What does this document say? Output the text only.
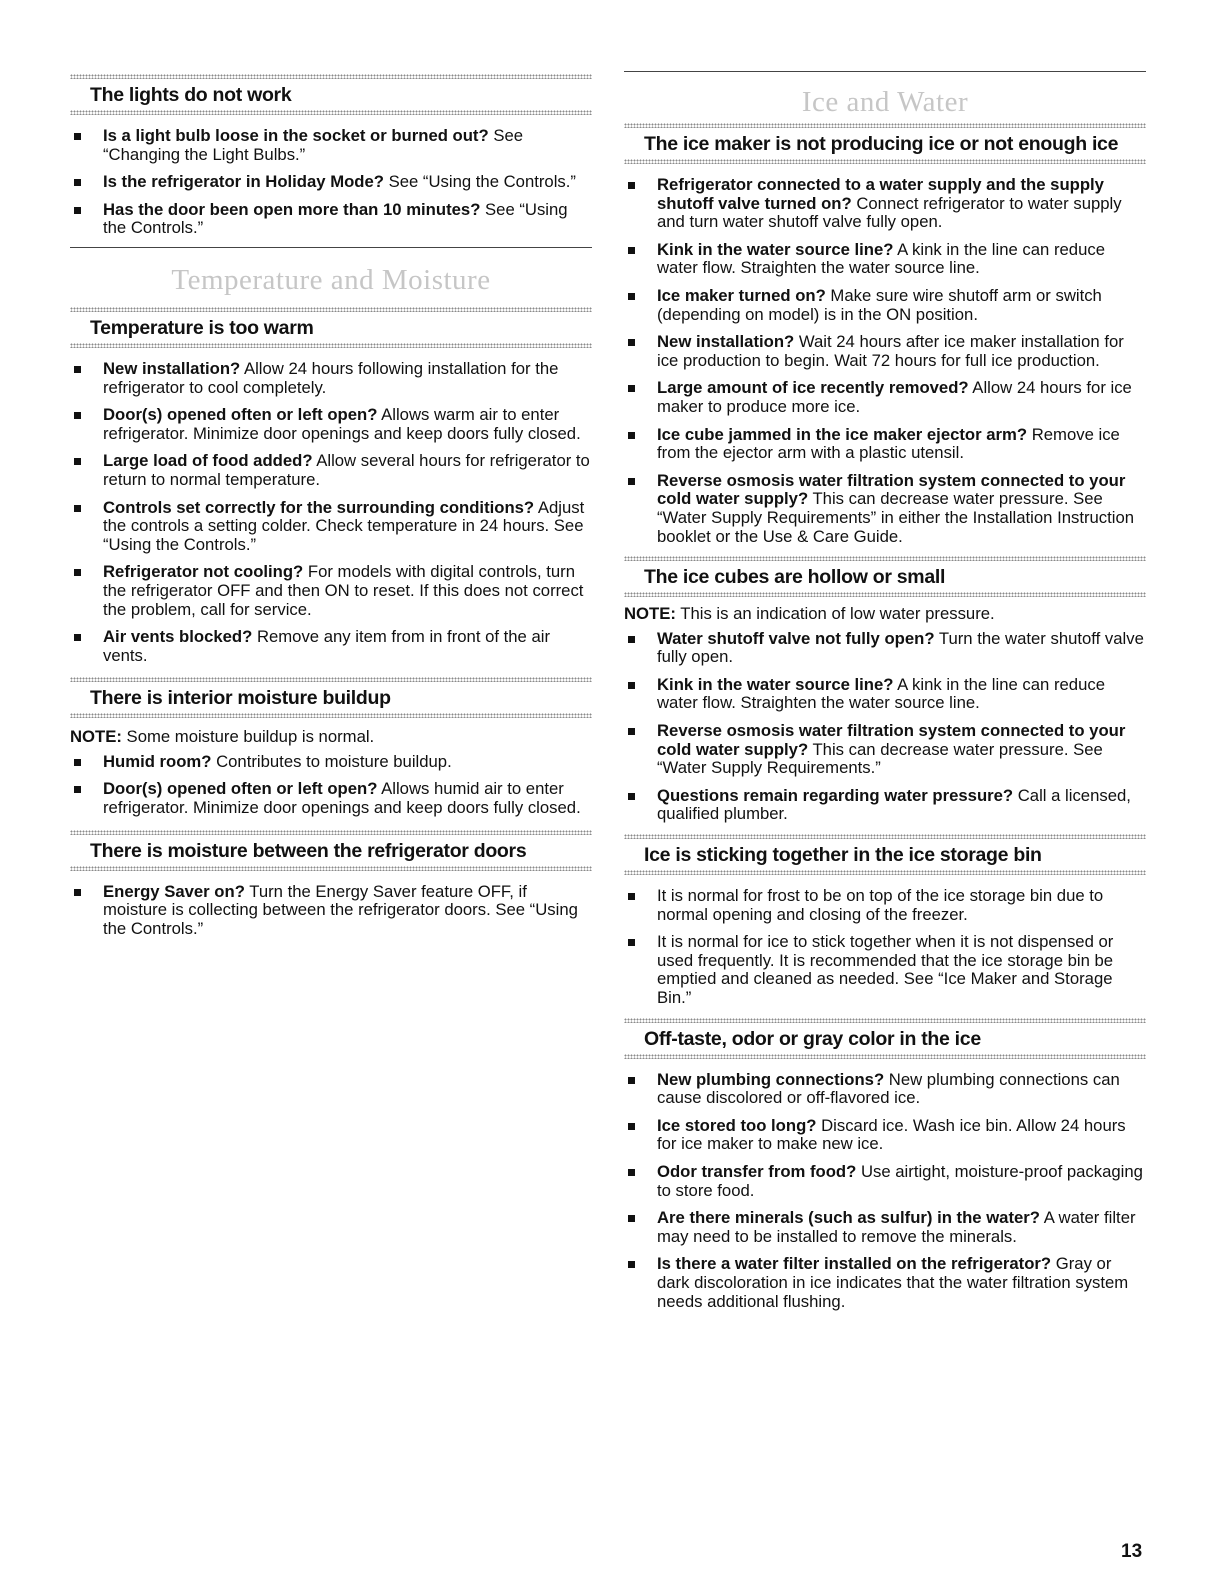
The lights do not work
Is a light bulb loose in the socket or burned out? See “Changing the Light Bulbs.”
Is the refrigerator in Holiday Mode? See “Using the Controls.”
Has the door been open more than 10 minutes? See “Using the Controls.”
Temperature and Moisture
Temperature is too warm
New installation? Allow 24 hours following installation for the refrigerator to cool completely.
Door(s) opened often or left open? Allows warm air to enter refrigerator. Minimize door openings and keep doors fully closed.
Large load of food added? Allow several hours for refrigerator to return to normal temperature.
Controls set correctly for the surrounding conditions? Adjust the controls a setting colder. Check temperature in 24 hours. See “Using the Controls.”
Refrigerator not cooling? For models with digital controls, turn the refrigerator OFF and then ON to reset. If this does not correct the problem, call for service.
Air vents blocked? Remove any item from in front of the air vents.
There is interior moisture buildup

NOTE: Some moisture buildup is normal.

Humid room? Contributes to moisture buildup.
Door(s) opened often or left open? Allows humid air to enter refrigerator. Minimize door openings and keep doors fully closed.
There is moisture between the refrigerator doors
Energy Saver on? Turn the Energy Saver feature OFF, if moisture is collecting between the refrigerator doors. See “Using the Controls.”
Ice and Water
The ice maker is not producing ice or not enough ice
Refrigerator connected to a water supply and the supply shutoff valve turned on? Connect refrigerator to water supply and turn water shutoff valve fully open.
Kink in the water source line? A kink in the line can reduce water flow. Straighten the water source line.
Ice maker turned on? Make sure wire shutoff arm or switch (depending on model) is in the ON position.
New installation? Wait 24 hours after ice maker installation for ice production to begin. Wait 72 hours for full ice production.
Large amount of ice recently removed? Allow 24 hours for ice maker to produce more ice.
Ice cube jammed in the ice maker ejector arm? Remove ice from the ejector arm with a plastic utensil.
Reverse osmosis water filtration system connected to your cold water supply? This can decrease water pressure. See “Water Supply Requirements” in either the Installation Instruction booklet or the Use & Care Guide.
The ice cubes are hollow or small

NOTE: This is an indication of low water pressure.

Water shutoff valve not fully open? Turn the water shutoff valve fully open.
Kink in the water source line? A kink in the line can reduce water flow. Straighten the water source line.
Reverse osmosis water filtration system connected to your cold water supply? This can decrease water pressure. See “Water Supply Requirements.”
Questions remain regarding water pressure? Call a licensed, qualified plumber.
Ice is sticking together in the ice storage bin
It is normal for frost to be on top of the ice storage bin due to normal opening and closing of the freezer.
It is normal for ice to stick together when it is not dispensed or used frequently. It is recommended that the ice storage bin be emptied and cleaned as needed. See “Ice Maker and Storage Bin.”
Off-taste, odor or gray color in the ice
New plumbing connections? New plumbing connections can cause discolored or off-flavored ice.
Ice stored too long? Discard ice. Wash ice bin. Allow 24 hours for ice maker to make new ice.
Odor transfer from food? Use airtight, moisture-proof packaging to store food.
Are there minerals (such as sulfur) in the water? A water filter may need to be installed to remove the minerals.
Is there a water filter installed on the refrigerator? Gray or dark discoloration in ice indicates that the water filtration system needs additional flushing.
13
